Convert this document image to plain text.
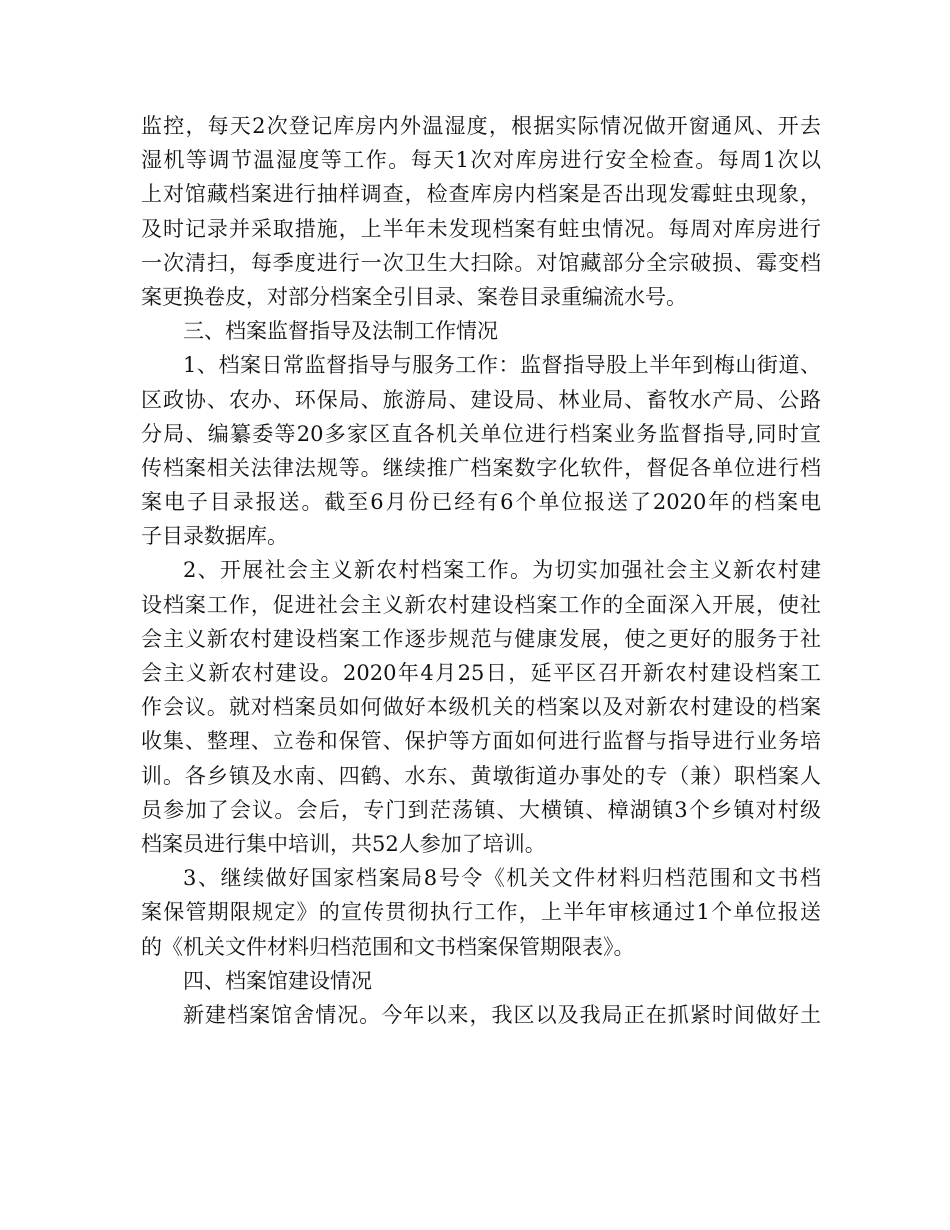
监控，每天2次登记库房内外温湿度，根据实际情况做开窗通风、开去
湿机等调节温湿度等工作。每天1次对库房进行安全检查。每周1次以
上对馆藏档案进行抽样调查，检查库房内档案是否出现发霉蛀虫现象，
及时记录并采取措施，上半年未发现档案有蛀虫情况。每周对库房进行
一次清扫，每季度进行一次卫生大扫除。对馆藏部分全宗破损、霉变档
案更换卷皮，对部分档案全引目录、案卷目录重编流水号。
三、档案监督指导及法制工作情况
1、档案日常监督指导与服务工作：监督指导股上半年到梅山街道、
区政协、农办、环保局、旅游局、建设局、林业局、畜牧水产局、公路
分局、编纂委等20多家区直各机关单位进行档案业务监督指导,同时宣
传档案相关法律法规等。继续推广档案数字化软件，督促各单位进行档
案电子目录报送。截至6月份已经有6个单位报送了2020年的档案电
子目录数据库。
2、开展社会主义新农村档案工作。为切实加强社会主义新农村建
设档案工作，促进社会主义新农村建设档案工作的全面深入开展，使社
会主义新农村建设档案工作逐步规范与健康发展，使之更好的服务于社
会主义新农村建设。2020年4月25日，延平区召开新农村建设档案工
作会议。就对档案员如何做好本级机关的档案以及对新农村建设的档案
收集、整理、立卷和保管、保护等方面如何进行监督与指导进行业务培
训。各乡镇及水南、四鹤、水东、黄墩街道办事处的专（兼）职档案人
员参加了会议。会后，专门到茫荡镇、大横镇、樟湖镇3个乡镇对村级
档案员进行集中培训，共52人参加了培训。
3、继续做好国家档案局8号令《机关文件材料归档范围和文书档
案保管期限规定》的宣传贯彻执行工作，上半年审核通过1个单位报送
的《机关文件材料归档范围和文书档案保管期限表》。
四、档案馆建设情况
新建档案馆舍情况。今年以来，我区以及我局正在抓紧时间做好土
